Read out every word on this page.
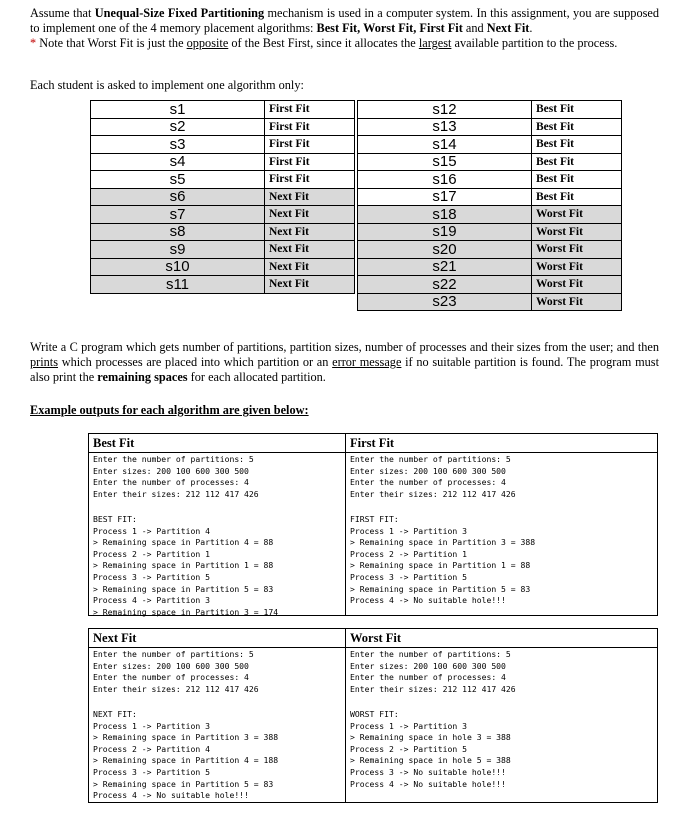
Assume that Unequal-Size Fixed Partitioning mechanism is used in a computer system. In this assignment, you are supposed to implement one of the 4 memory placement algorithms: Best Fit, Worst Fit, First Fit and Next Fit.
* Note that Worst Fit is just the opposite of the Best First, since it allocates the largest available partition to the process.
Each student is asked to implement one algorithm only:
s1	First Fit
s2	First Fit
s3	First Fit
s4	First Fit
s5	First Fit
s6	Next Fit
s7	Next Fit
s8	Next Fit
s9	Next Fit
s10	Next Fit
s11	Next Fit
s12	Best Fit
s13	Best Fit
s14	Best Fit
s15	Best Fit
s16	Best Fit
s17	Best Fit
s18	Worst Fit
s19	Worst Fit
s20	Worst Fit
s21	Worst Fit
s22	Worst Fit
s23	Worst Fit
Write a C program which gets number of partitions, partition sizes, number of processes and their sizes from the user; and then prints which processes are placed into which partition or an error message if no suitable partition is found. The program must also print the remaining spaces for each allocated partition.
Example outputs for each algorithm are given below:
Best Fit
Enter the number of partitions: 5
Enter sizes: 200 100 600 300 500
Enter the number of processes: 4
Enter their sizes: 212 112 417 426
BEST FIT:
Process 1 -> Partition 4
> Remaining space in Partition 4 = 88
Process 2 -> Partition 1
> Remaining space in Partition 1 = 88
Process 3 -> Partition 5
> Remaining space in Partition 5 = 83
Process 4 -> Partition 3
> Remaining space in Partition 3 = 174
First Fit
Enter the number of partitions: 5
Enter sizes: 200 100 600 300 500
Enter the number of processes: 4
Enter their sizes: 212 112 417 426
FIRST FIT:
Process 1 -> Partition 3
> Remaining space in Partition 3 = 388
Process 2 -> Partition 1
> Remaining space in Partition 1 = 88
Process 3 -> Partition 5
> Remaining space in Partition 5 = 83
Process 4 -> No suitable hole!!!
Next Fit
Enter the number of partitions: 5
Enter sizes: 200 100 600 300 500
Enter the number of processes: 4
Enter their sizes: 212 112 417 426
NEXT FIT:
Process 1 -> Partition 3
> Remaining space in Partition 3 = 388
Process 2 -> Partition 4
> Remaining space in Partition 4 = 188
Process 3 -> Partition 5
> Remaining space in Partition 5 = 83
Process 4 -> No suitable hole!!!
Worst Fit
Enter the number of partitions: 5
Enter sizes: 200 100 600 300 500
Enter the number of processes: 4
Enter their sizes: 212 112 417 426
WORST FIT:
Process 1 -> Partition 3
> Remaining space in hole 3 = 388
Process 2 -> Partition 5
> Remaining space in hole 5 = 388
Process 3 -> No suitable hole!!!
Process 4 -> No suitable hole!!!
